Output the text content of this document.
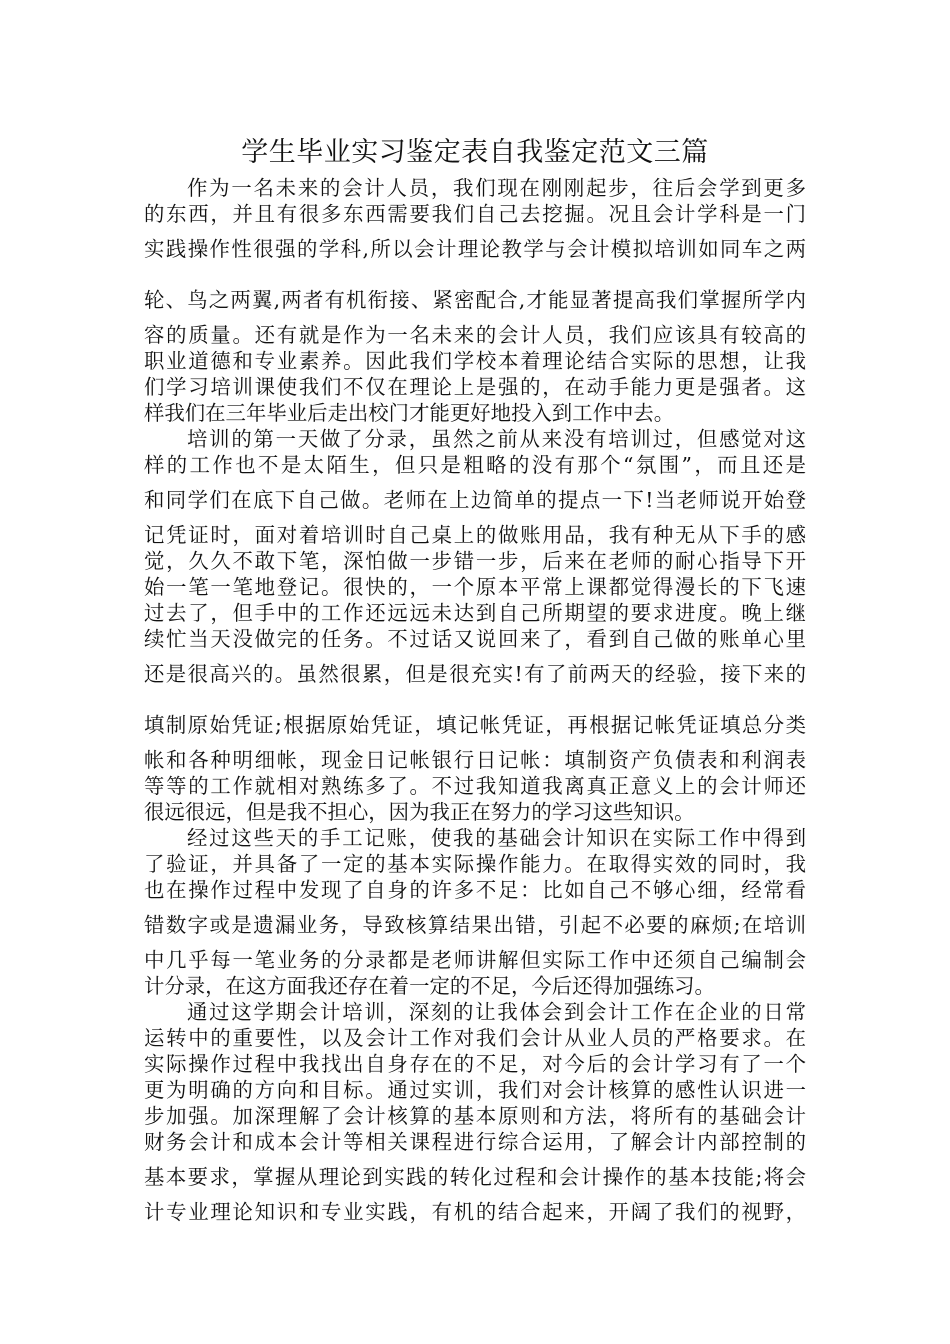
学生毕业实习鉴定表自我鉴定范文三篇
作为一名未来的会计人员，我们现在刚刚起步，往后会学到更多
的东西，并且有很多东西需要我们自己去挖掘。况且会计学科是一门
实践操作性很强的学科,所以会计理论教学与会计模拟培训如同车之两
轮、鸟之两翼,两者有机衔接、紧密配合,才能显著提高我们掌握所学内
容的质量。还有就是作为一名未来的会计人员，我们应该具有较高的
职业道德和专业素养。因此我们学校本着理论结合实际的思想，让我
们学习培训课使我们不仅在理论上是强的，在动手能力更是强者。这
样我们在三年毕业后走出校门才能更好地投入到工作中去。
培训的第一天做了分录，虽然之前从来没有培训过，但感觉对这
样的工作也不是太陌生，但只是粗略的没有那个“氛围”，而且还是
和同学们在底下自己做。老师在上边简单的提点一下!当老师说开始登
记凭证时，面对着培训时自己桌上的做账用品，我有种无从下手的感
觉，久久不敢下笔，深怕做一步错一步，后来在老师的耐心指导下开
始一笔一笔地登记。很快的，一个原本平常上课都觉得漫长的下飞速
过去了，但手中的工作还远远未达到自己所期望的要求进度。晚上继
续忙当天没做完的任务。不过话又说回来了，看到自己做的账单心里
还是很高兴的。虽然很累，但是很充实!有了前两天的经验，接下来的
填制原始凭证;根据原始凭证，填记帐凭证，再根据记帐凭证填总分类
帐和各种明细帐，现金日记帐银行日记帐：填制资产负债表和利润表
等等的工作就相对熟练多了。不过我知道我离真正意义上的会计师还
很远很远，但是我不担心，因为我正在努力的学习这些知识。
经过这些天的手工记账，使我的基础会计知识在实际工作中得到
了验证，并具备了一定的基本实际操作能力。在取得实效的同时，我
也在操作过程中发现了自身的许多不足：比如自己不够心细，经常看
错数字或是遗漏业务，导致核算结果出错，引起不必要的麻烦;在培训
中几乎每一笔业务的分录都是老师讲解但实际工作中还须自己编制会
计分录，在这方面我还存在着一定的不足，今后还得加强练习。
通过这学期会计培训，深刻的让我体会到会计工作在企业的日常
运转中的重要性，以及会计工作对我们会计从业人员的严格要求。在
实际操作过程中我找出自身存在的不足，对今后的会计学习有了一个
更为明确的方向和目标。通过实训，我们对会计核算的感性认识进一
步加强。加深理解了会计核算的基本原则和方法，将所有的基础会计
财务会计和成本会计等相关课程进行综合运用，了解会计内部控制的
基本要求，掌握从理论到实践的转化过程和会计操作的基本技能;将会
计专业理论知识和专业实践，有机的结合起来，开阔了我们的视野，
